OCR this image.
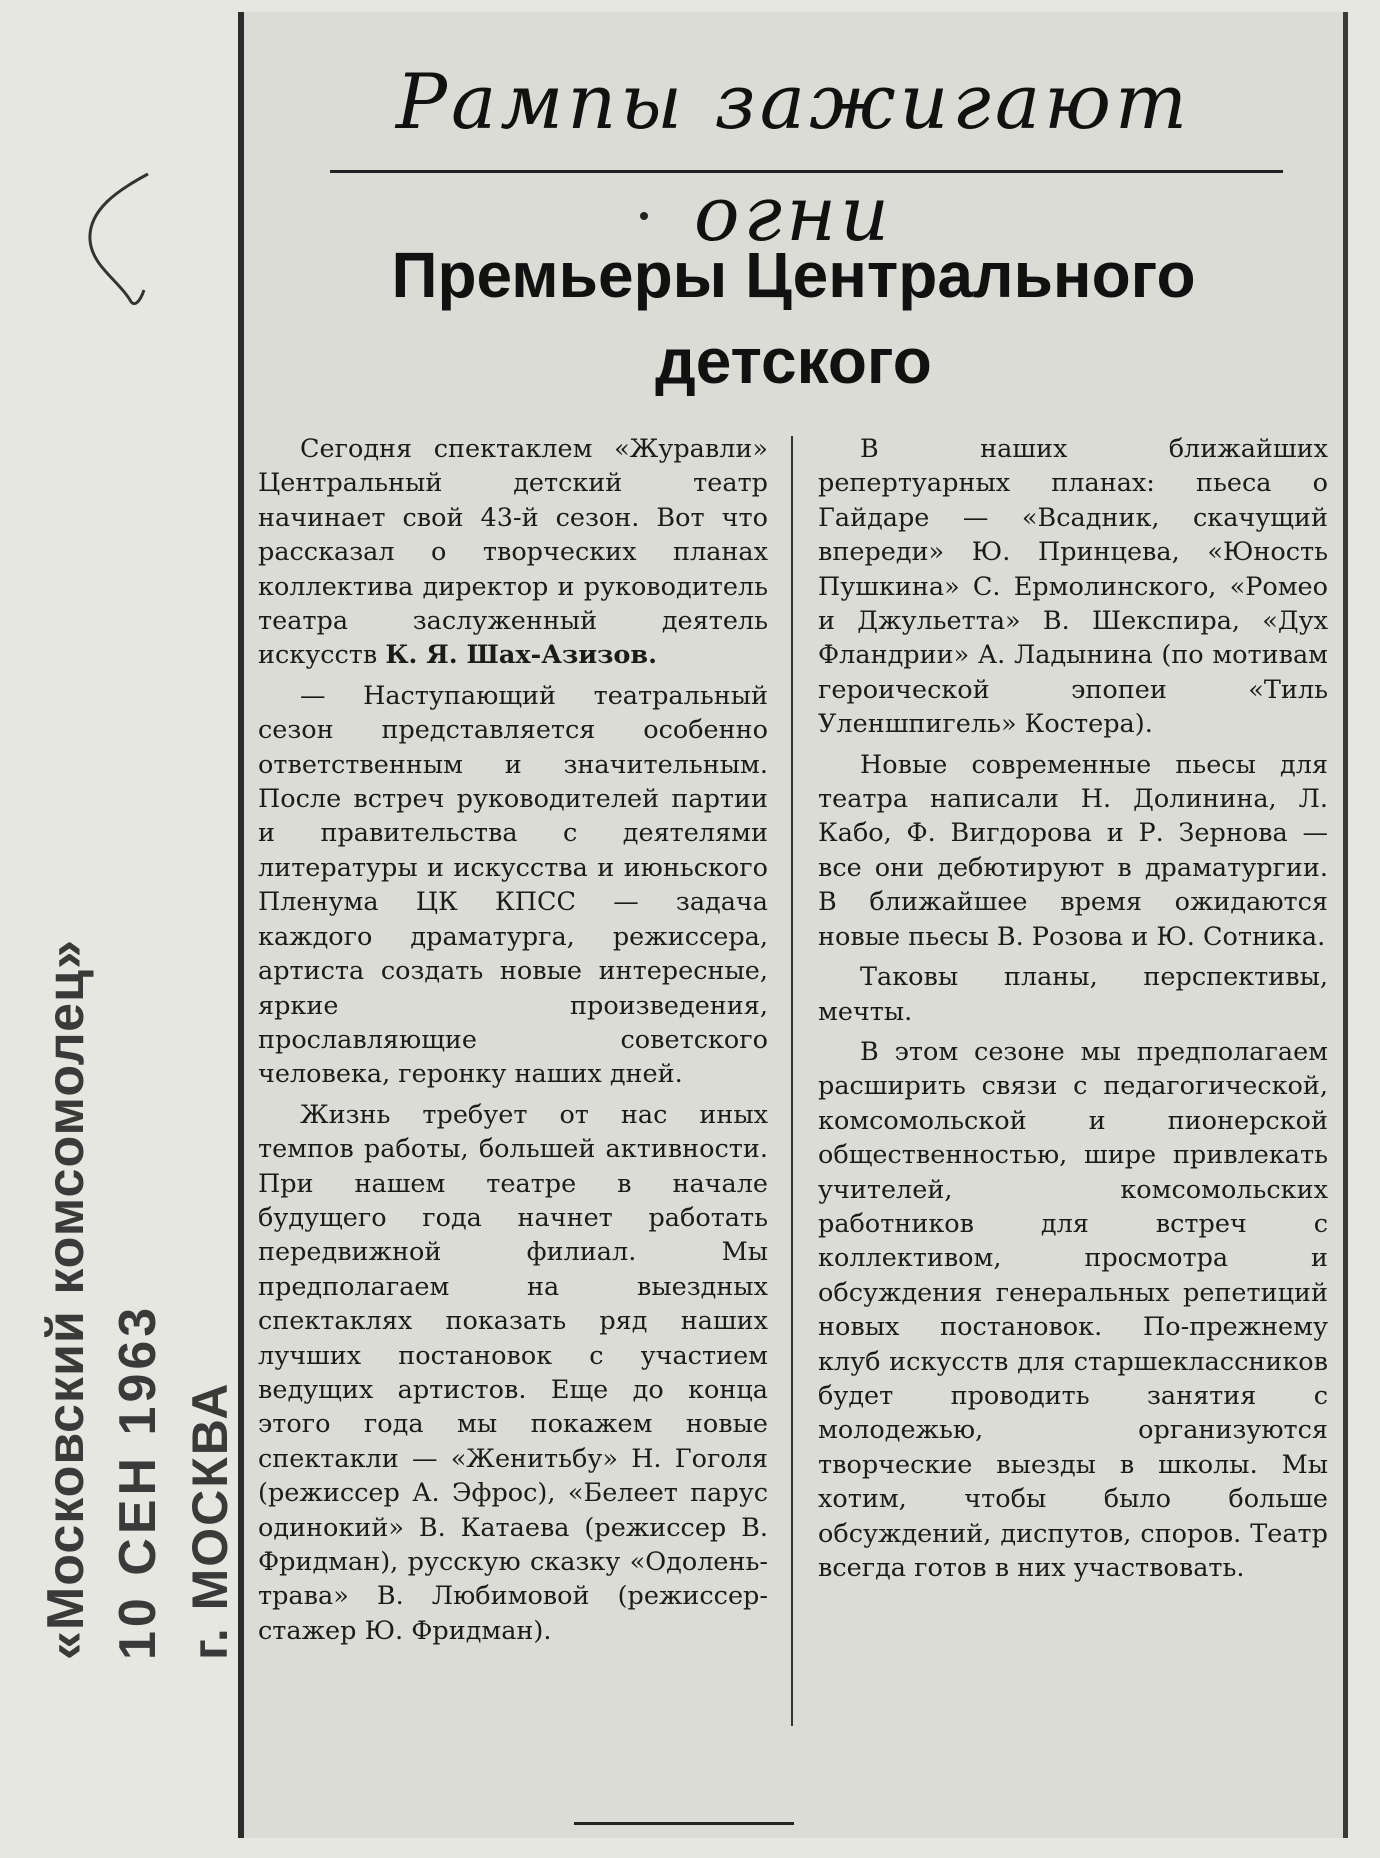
«Московский комсомолец» 10 СЕН 1963 г. МОСКВА
Рампы зажигают огни
Премьеры Центрального
детского

Сегодня спектаклем «Журавли» Центральный детский театр начинает свой 43-й сезон. Вот что рассказал о творческих планах коллектива директор и руководитель театра заслуженный деятель искусств К. Я. Шах-Азизов.

— Наступающий театральный сезон представляется особенно ответственным и значительным. После встреч руководителей партии и правительства с деятелями литературы и искусства и июньского Пленума ЦК КПСС — задача каждого драматурга, режиссера, артиста создать новые интересные, яркие произведения, прославляющие советского человека, геронку наших дней.

Жизнь требует от нас иных темпов работы, большей активности. При нашем театре в начале будущего года начнет работать передвижной филиал. Мы предполагаем на выездных спектаклях показать ряд наших лучших постановок с участием ведущих артистов. Еще до конца этого года мы покажем новые спектакли — «Женитьбу» Н. Гоголя (режиссер А. Эфрос), «Белеет парус одинокий» В. Катаева (режиссер В. Фридман), русскую сказку «Одолень-трава» В. Любимовой (режиссер-стажер Ю. Фридман).

В наших ближайших репертуарных планах: пьеса о Гайдаре — «Всадник, скачущий впереди» Ю. Принцева, «Юность Пушкина» С. Ермолинского, «Ромео и Джульетта» В. Шекспира, «Дух Фландрии» А. Ладынина (по мотивам героической эпопеи «Тиль Уленшпигель» Костера).

Новые современные пьесы для театра написали Н. Долинина, Л. Кабо, Ф. Вигдорова и Р. Зернова — все они дебютируют в драматургии. В ближайшее время ожидаются новые пьесы В. Розова и Ю. Сотника.

Таковы планы, перспективы, мечты.

В этом сезоне мы предполагаем расширить связи с педагогической, комсомольской и пионерской общественностью, шире привлекать учителей, комсомольских работников для встреч с коллективом, просмотра и обсуждения генеральных репетиций новых постановок. По-прежнему клуб искусств для старшеклассников будет проводить занятия с молодежью, организуются творческие выезды в школы. Мы хотим, чтобы было больше обсуждений, диспутов, споров. Театр всегда готов в них участвовать.
